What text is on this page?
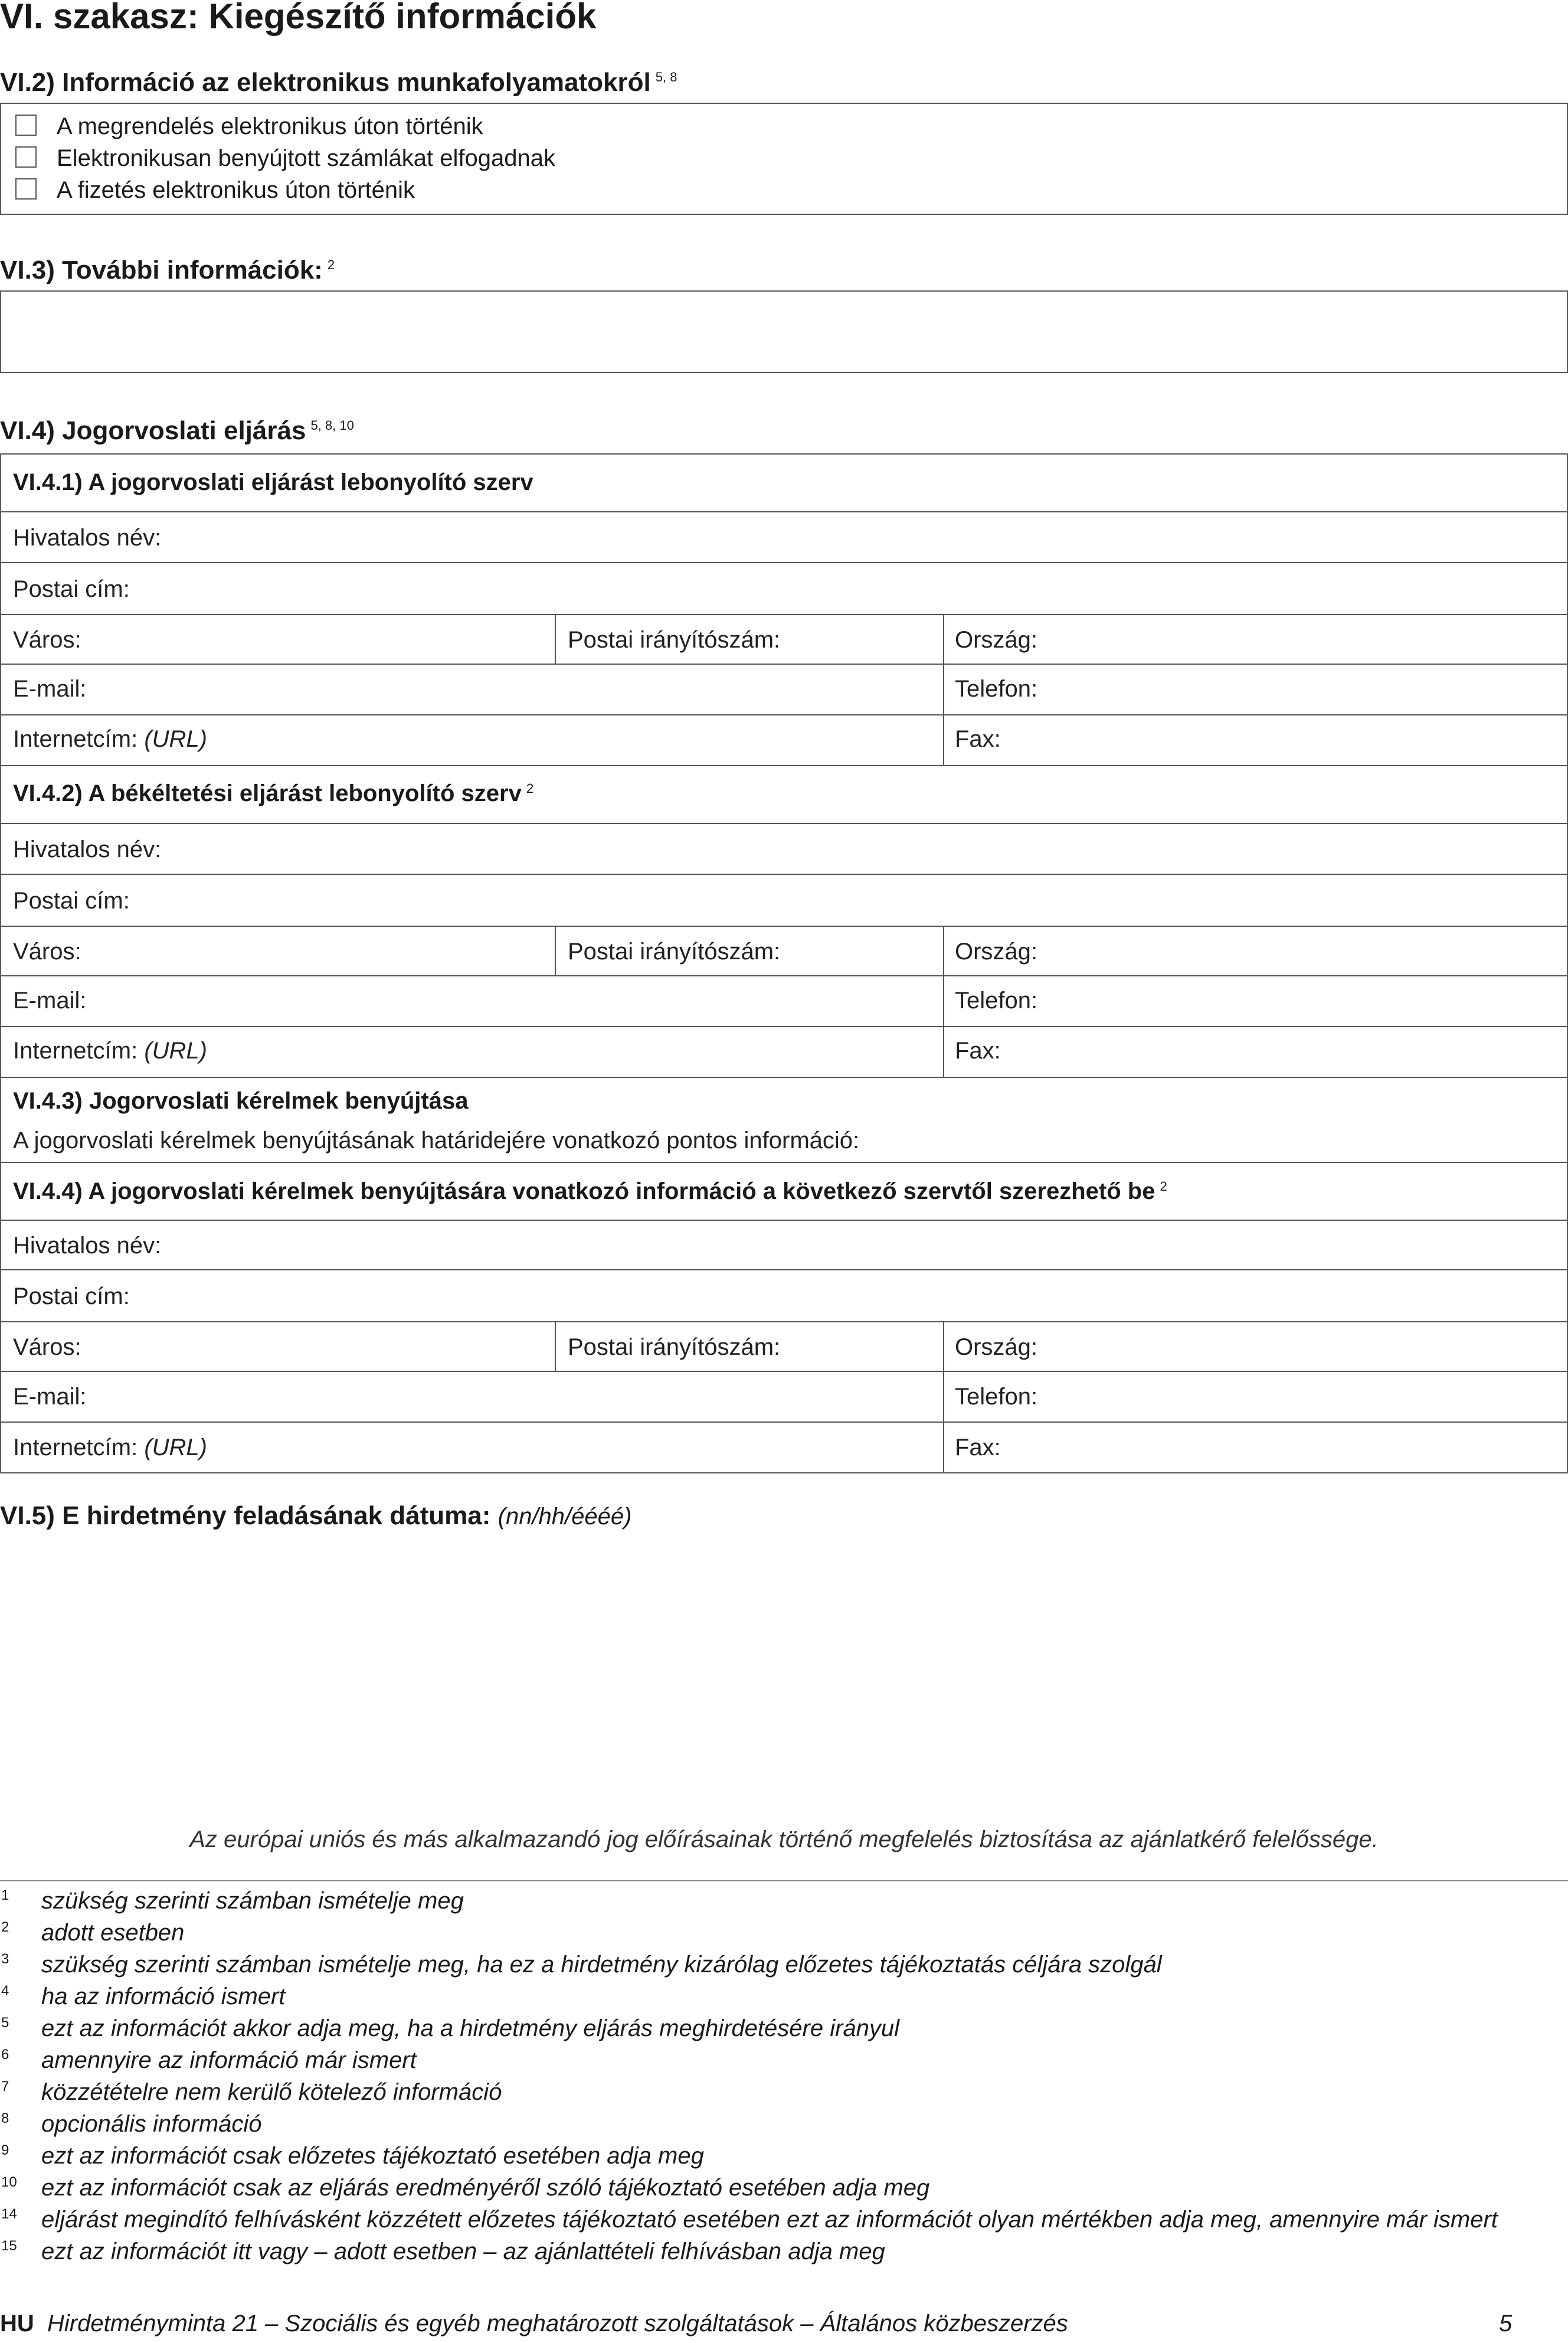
VI. szakasz: Kiegészítő információk
VI.2) Információ az elektronikus munkafolyamatokról $^{5, 8}$
A megrendelés elektronikus úton történik
Elektronikusan benyújtott számlákat elfogadnak
A fizetés elektronikus úton történik
VI.3) További információk: $^2$
VI.4) Jogorvoslati eljárás $^{5, 8, 10}$
VI.4.1) A jogorvoslati eljárást lebonyolító szerv
Hivatalos név:
Postai cím:
Város:	Postai irányítószám:	Ország:
E-mail:	Telefon:
Internetcím: (URL)	Fax:
VI.4.2) A békéltetési eljárást lebonyolító szerv $^2$
Hivatalos név:
Postai cím:
Város:	Postai irányítószám:	Ország:
E-mail:	Telefon:
Internetcím: (URL)	Fax:
VI.4.3) Jogorvoslati kérelmek benyújtása
A jogorvoslati kérelmek benyújtásának határidejére vonatkozó pontos információ:
VI.4.4) A jogorvoslati kérelmek benyújtására vonatkozó információ a következő szervtől szerezhető be $^2$
Hivatalos név:
Postai cím:
Város:	Postai irányítószám:	Ország:
E-mail:	Telefon:
Internetcím: (URL)	Fax:
VI.5) E hirdetmény feladásának dátuma: (nn/hh/éééé)
Az európai uniós és más alkalmazandó jog előírásainak történő megfelelés biztosítása az ajánlatkérő felelőssége.
1 szükség szerinti számban ismételje meg
2 adott esetben
3 szükség szerinti számban ismételje meg, ha ez a hirdetmény kizárólag előzetes tájékoztatás céljára szolgál
4 ha az információ ismert
5 ezt az információt akkor adja meg, ha a hirdetmény eljárás meghirdetésére irányul
6 amennyire az információ már ismert
7 közzétételre nem kerülő kötelező információ
8 opcionális információ
9 ezt az információt csak előzetes tájékoztató esetében adja meg
10 ezt az információt csak az eljárás eredményéről szóló tájékoztató esetében adja meg
14 eljárást megindító felhívásként közzétett előzetes tájékoztató esetében ezt az információt olyan mértékben adja meg, amennyire már ismert
15 ezt az információt itt vagy – adott esetben – az ajánlattételi felhívásban adja meg
HU Hirdetményminta 21 – Szociális és egyéb meghatározott szolgáltatások – Általános közbeszerzés	5
